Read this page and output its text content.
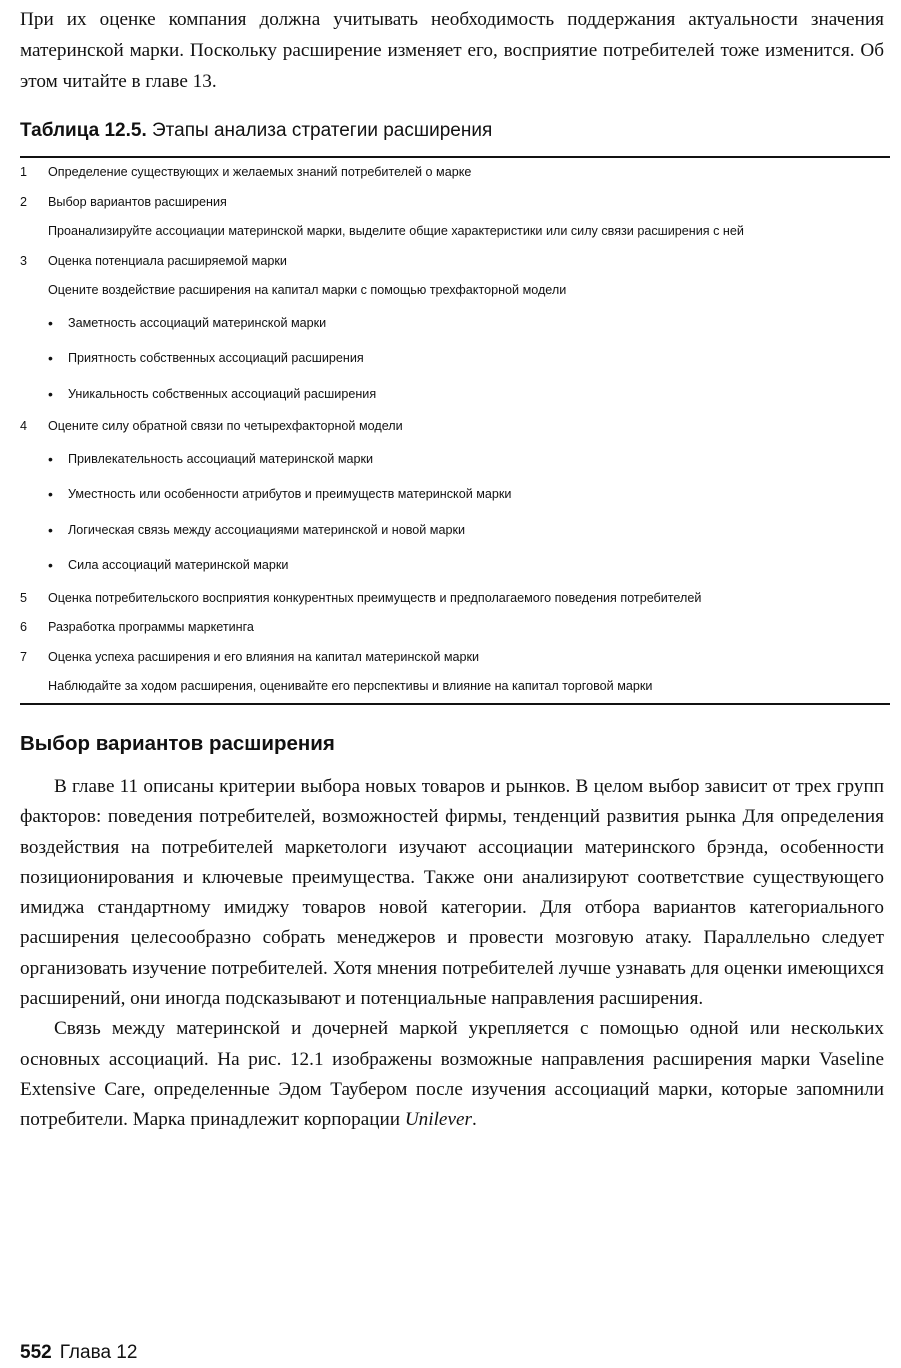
При их оценке компания должна учитывать необходимость поддержания актуальности значения материнской марки. Поскольку расширение изменяет его, восприятие потребителей тоже изменится. Об этом читайте в главе 13.
Таблица 12.5. Этапы анализа стратегии расширения
1	Определение существующих и желаемых знаний потребителей о марке
2	Выбор вариантов расширения
Проанализируйте ассоциации материнской марки, выделите общие характеристики или силу связи расширения с ней
3	Оценка потенциала расширяемой марки
Оцените воздействие расширения на капитал марки с помощью трехфакторной модели
• Заметность ассоциаций материнской марки
• Приятность собственных ассоциаций расширения
• Уникальность собственных ассоциаций расширения
4	Оцените силу обратной связи по четырехфакторной модели
• Привлекательность ассоциаций материнской марки
• Уместность или особенности атрибутов и преимуществ материнской марки
• Логическая связь между ассоциациями материнской и новой марки
• Сила ассоциаций материнской марки
5	Оценка потребительского восприятия конкурентных преимуществ и предполагаемого поведения потребителей
6	Разработка программы маркетинга
7	Оценка успеха расширения и его влияния на капитал материнской марки
Наблюдайте за ходом расширения, оценивайте его перспективы и влияние на капитал торговой марки
Выбор вариантов расширения

В главе 11 описаны критерии выбора новых товаров и рынков. В целом выбор зависит от трех групп факторов: поведения потребителей, возможностей фирмы, тенденций развития рынка Для определения воздействия на потребителей маркетологи изучают ассоциации материнского брэнда, особенности позиционирования и ключевые преимущества. Также они анализируют соответствие существующего имиджа стандартному имиджу товаров новой категории. Для отбора вариантов категориального расширения целесообразно собрать менеджеров и провести мозговую атаку. Параллельно следует организовать изучение потребителей. Хотя мнения потребителей лучше узнавать для оценки имеющихся расширений, они иногда подсказывают и потенциальные направления расширения.

Связь между материнской и дочерней маркой укрепляется с помощью одной или нескольких основных ассоциаций. На рис. 12.1 изображены возможные направления расширения марки Vaseline Extensive Care, определенные Эдом Таубером после изучения ассоциаций марки, которые запомнили потребители. Марка принадлежит корпорации Unilever.

552 Глава 12
